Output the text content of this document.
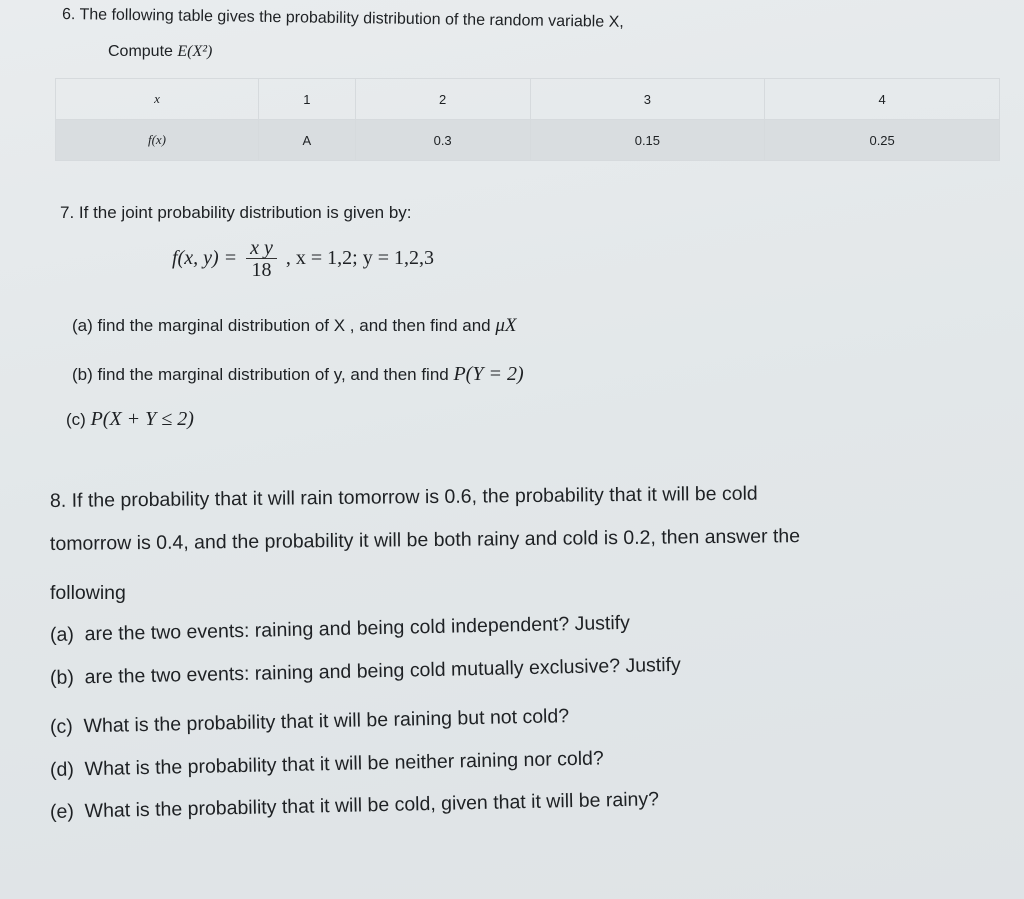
6. The following table gives the probability distribution of the random variable X,
Compute E(X²)
x	1	2	3	4
f(x)	A	0.3	0.15	0.25
7. If the joint probability distribution is given by:
f(x, $y) = \frac{\text{x y}}{18}$ , x = 1,2; y = 1,2,3
(a) find the marginal distribution of X , and then find and μX
(b) find the marginal distribution of y, and then find P(Y = 2)
(c) P(X + Y ≤ 2)
8. If the probability that it will rain tomorrow is 0.6, the probability that it will be cold
tomorrow is 0.4, and the probability it will be both rainy and cold is 0.2, then answer the
following
(a) are the two events: raining and being cold independent? Justify
(b) are the two events: raining and being cold mutually exclusive? Justify
(c) What is the probability that it will be raining but not cold?
(d) What is the probability that it will be neither raining nor cold?
(e) What is the probability that it will be cold, given that it will be rainy?
